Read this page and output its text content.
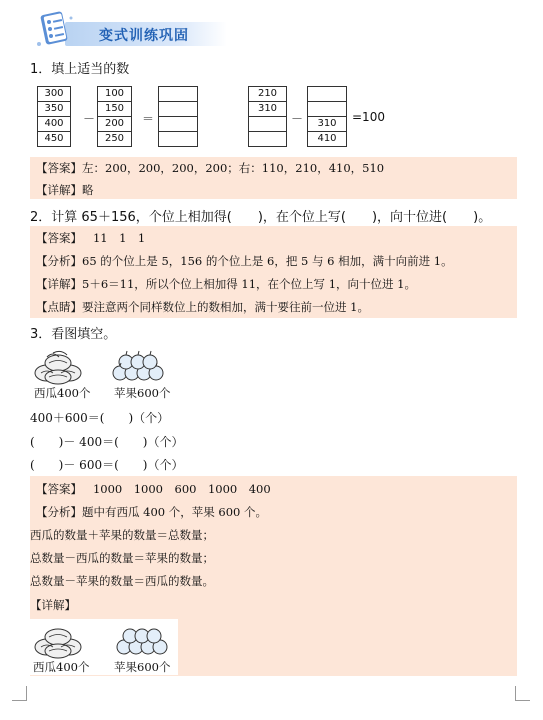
变式训练巩固
1．填上适当的数
300
350
400
450
－
100
150
200
250
＝
210
310
－	310
410
=100
【答案】左：200，200，200，200；右：110，210，410，510
【详解】略
2．计算 65＋156，个位上相加得(　　)，在个位上写(　　)，向十位进(　　)。
【答案】 11　1　1
【分析】65 的个位上是 5，156 的个位上是 6，把 5 与 6 相加，满十向前进 1。
【详解】5＋6＝11，所以个位上相加得 11，在个位上写 1，向十位进 1。
【点睛】要注意两个同样数位上的数相加，满十要往前一位进 1。
3．看图填空。
西瓜400个 苹果600个
400＋600＝(　　)（个）
(　　)－ 400＝(　　)（个）
(　　)－ 600＝(　　)（个）
【答案】 1000　1000　600　1000　400
【分析】题中有西瓜 400 个，苹果 600 个。
西瓜的数量＋苹果的数量＝总数量；
总数量－西瓜的数量＝苹果的数量；
总数量－苹果的数量＝西瓜的数量。
【详解】
西瓜400个 苹果600个
